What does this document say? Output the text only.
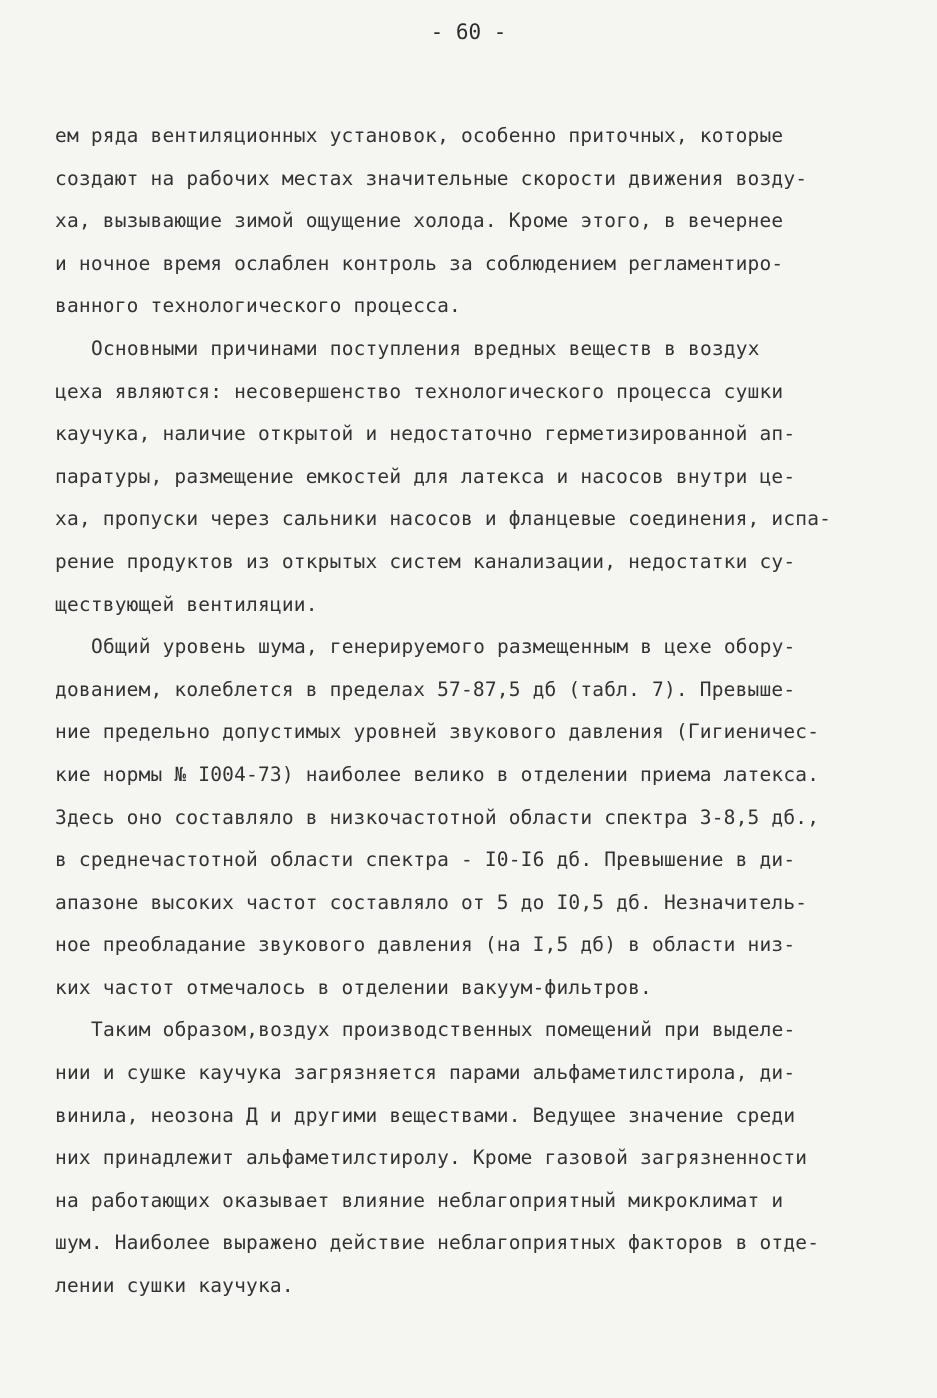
- 60 -
ем ряда вентиляционных установок, особенно приточных, которые
создают на рабочих местах значительные скорости движения возду-
ха, вызывающие зимой ощущение холода. Кроме этого, в вечернее
и ночное время ослаблен контроль за соблюдением регламентиро-
ванного технологического процесса.
Основными причинами поступления вредных веществ в воздух
цеха являются: несовершенство технологического процесса сушки
каучука, наличие открытой и недостаточно герметизированной ап-
паратуры, размещение емкостей для латекса и насосов внутри це-
ха, пропуски через сальники насосов и фланцевые соединения, испа-
рение продуктов из открытых систем канализации, недостатки су-
ществующей вентиляции.
Общий уровень шума, генерируемого размещенным в цехе обору-
дованием, колеблется в пределах 57-87,5 дб (табл. 7). Превыше-
ние предельно допустимых уровней звукового давления (Гигиеничес-
кие нормы № I004-73) наиболее велико в отделении приема латекса.
Здесь оно составляло в низкочастотной области спектра 3-8,5 дб.,
в среднечастотной области спектра - I0-I6 дб. Превышение в ди-
апазоне высоких частот составляло от 5 до I0,5 дб. Незначитель-
ное преобладание звукового давления (на I,5 дб) в области низ-
ких частот отмечалось в отделении вакуум-фильтров.
Таким образом,воздух производственных помещений при выделе-
нии и сушке каучука загрязняется парами альфаметилстирола, ди-
винила, неозона Д и другими веществами. Ведущее значение среди
них принадлежит альфаметилстиролу. Кроме газовой загрязненности
на работающих оказывает влияние неблагоприятный микроклимат и
шум. Наиболее выражено действие неблагоприятных факторов в отде-
лении сушки каучука.
